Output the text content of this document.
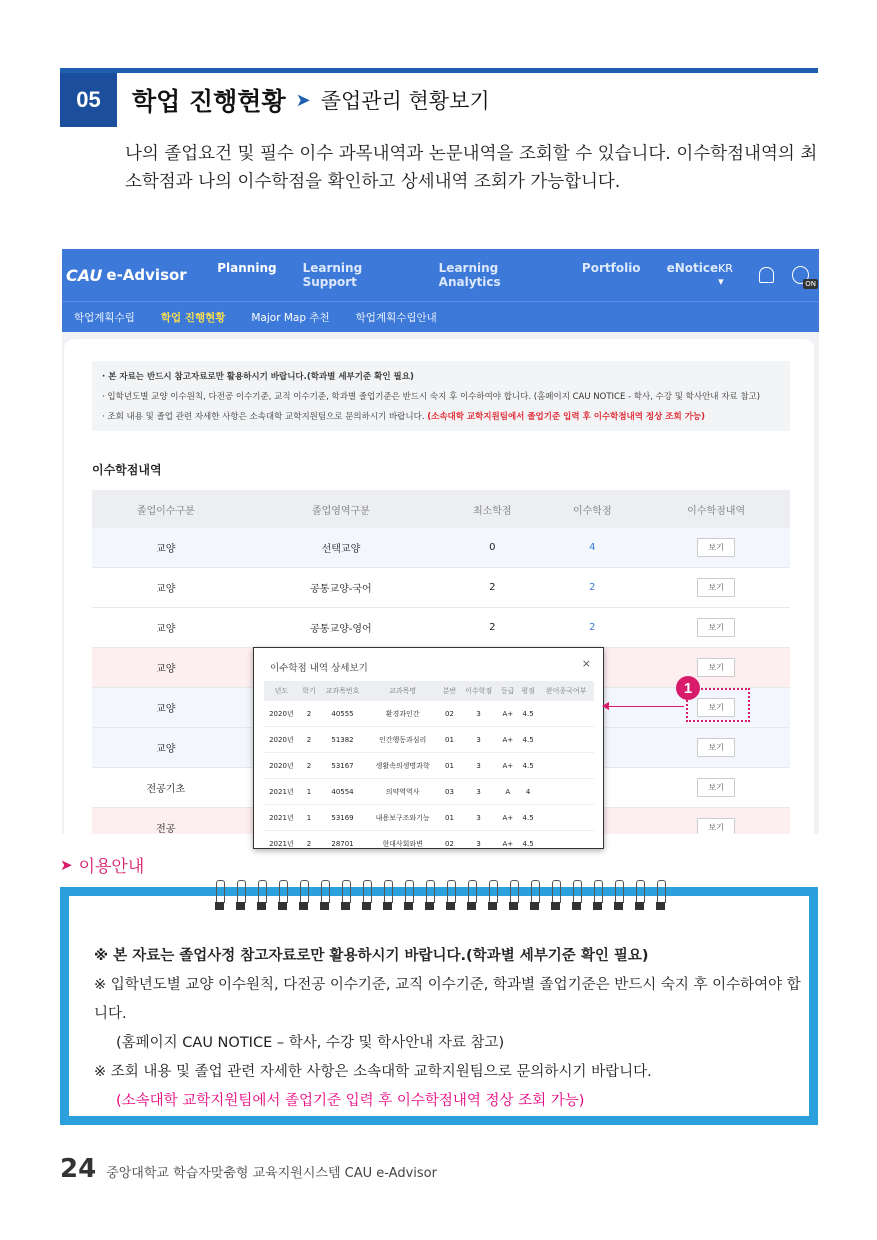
05	학업 진행현황 ➤ 졸업관리 현황보기
나의 졸업요건 및 필수 이수 과목내역과 논문내역을 조회할 수 있습니다. 이수학점내역의 최소학점과 나의 이수학점을 확인하고 상세내역 조회가 가능합니다.
CAU e-Advisor	Planning Learning Support
Learning Analytics
Portfolio eNotice KR ▾	ON
학업계획수립 학업 진행현황 Major Map 추천 학업계획수립안내
· 본 자료는 반드시 참고자료로만 활용하시기 바랍니다.(학과별 세부기준 확인 필요)
· 입학년도별 교양 이수원칙, 다전공 이수기준, 교직 이수기준, 학과별 졸업기준은 반드시 숙지 후 이수하여야 합니다. (홈페이지 CAU NOTICE - 학사, 수강 및 학사안내 자료 참고)
· 조회 내용 및 졸업 관련 자세한 사항은 소속대학 교학지원팀으로 문의하시기 바랍니다. (소속대학 교학지원팀에서 졸업기준 입력 후 이수학점내역 정상 조회 가능)
이수학점내역
졸업이수구분	졸업영역구분	최소학점	이수학점	이수학점내역
교양	선택교양	0	4	보기
교양	공통교양-국어	2	2	보기
교양	공통교양-영어	2	2	보기
교양				보기
교양				보기
교양				보기
전공기초				보기
전공				보기
이수학점 내역 상세보기	×
년도	학기	교과목번호	교과목명	분반	이수학점	등급	평점	완이종국여부
2020년	2	40555	환경과인간	02	3	A+	4.5	
2020년	2	51382	인간행동과심리	01	3	A+	4.5	
2020년	2	53167	생활속의생명과학	01	3	A+	4.5	
2021년	1	40554	의약역역사	03	3	A	4	
2021년	1	53169	내용보구조와기능	01	3	A+	4.5	
2021년	2	28701	현대사회와변	02	3	A+	4.5	
1
➤ 이용안내
※ 본 자료는 졸업사정 참고자료로만 활용하시기 바랍니다.(학과별 세부기준 확인 필요)
※ 입학년도별 교양 이수원칙, 다전공 이수기준, 교직 이수기준, 학과별 졸업기준은 반드시 숙지 후 이수하여야 합니다.
(홈페이지 CAU NOTICE – 학사, 수강 및 학사안내 자료 참고)
※ 조회 내용 및 졸업 관련 자세한 사항은 소속대학 교학지원팀으로 문의하시기 바랍니다.
(소속대학 교학지원팀에서 졸업기준 입력 후 이수학점내역 정상 조회 가능)
24 중앙대학교 학습자맞춤형 교육지원시스템 CAU e-Advisor
